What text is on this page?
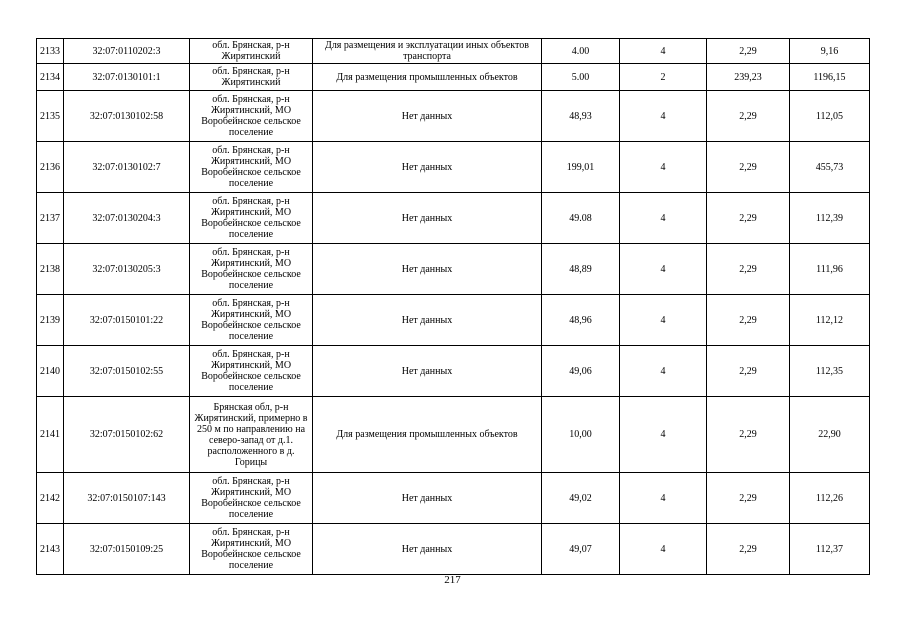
2133	32:07:0110202:3	обл. Брянская, р-н Жирятинский	Для размещения и эксплуатации иных объектов транспорта	4.00	4	2,29	9,16
2134	32:07:0130101:1	обл. Брянская, р-н Жирятинский	Для размещения промышленных объектов	5.00	2	239,23	1196,15
2135	32:07:0130102:58	обл. Брянская, р-н Жирятинский, МО Воробейнское сельское поселение	Нет данных	48,93	4	2,29	112,05
2136	32:07:0130102:7	обл. Брянская, р-н Жирятинский, МО Воробейнское сельское поселение	Нет данных	199,01	4	2,29	455,73
2137	32:07:0130204:3	обл. Брянская, р-н Жирятинский, МО Воробейнское сельское поселение	Нет данных	49.08	4	2,29	112,39
2138	32:07:0130205:3	обл. Брянская, р-н Жирятинский, МО Воробейнское сельское поселение	Нет данных	48,89	4	2,29	111,96
2139	32:07:0150101:22	обл. Брянская, р-н Жирятинский, МО Воробейнское сельское поселение	Нет данных	48,96	4	2,29	112,12
2140	32:07:0150102:55	обл. Брянская, р-н Жирятинский, МО Воробейнское сельское поселение	Нет данных	49,06	4	2,29	112,35
2141	32:07:0150102:62	Брянская обл, р-н Жирятинский, примерно в 250 м по направлению на северо-запад от д.1. расположенного в д. Горицы	Для размещения промышленных объектов	10,00	4	2,29	22,90
2142	32:07:0150107:143	обл. Брянская, р-н Жирятинский, МО Воробейнское сельское поселение	Нет данных	49,02	4	2,29	112,26
2143	32:07:0150109:25	обл. Брянская, р-н Жирятинский, МО Воробейнское сельское поселение	Нет данных	49,07	4	2,29	112,37
217
